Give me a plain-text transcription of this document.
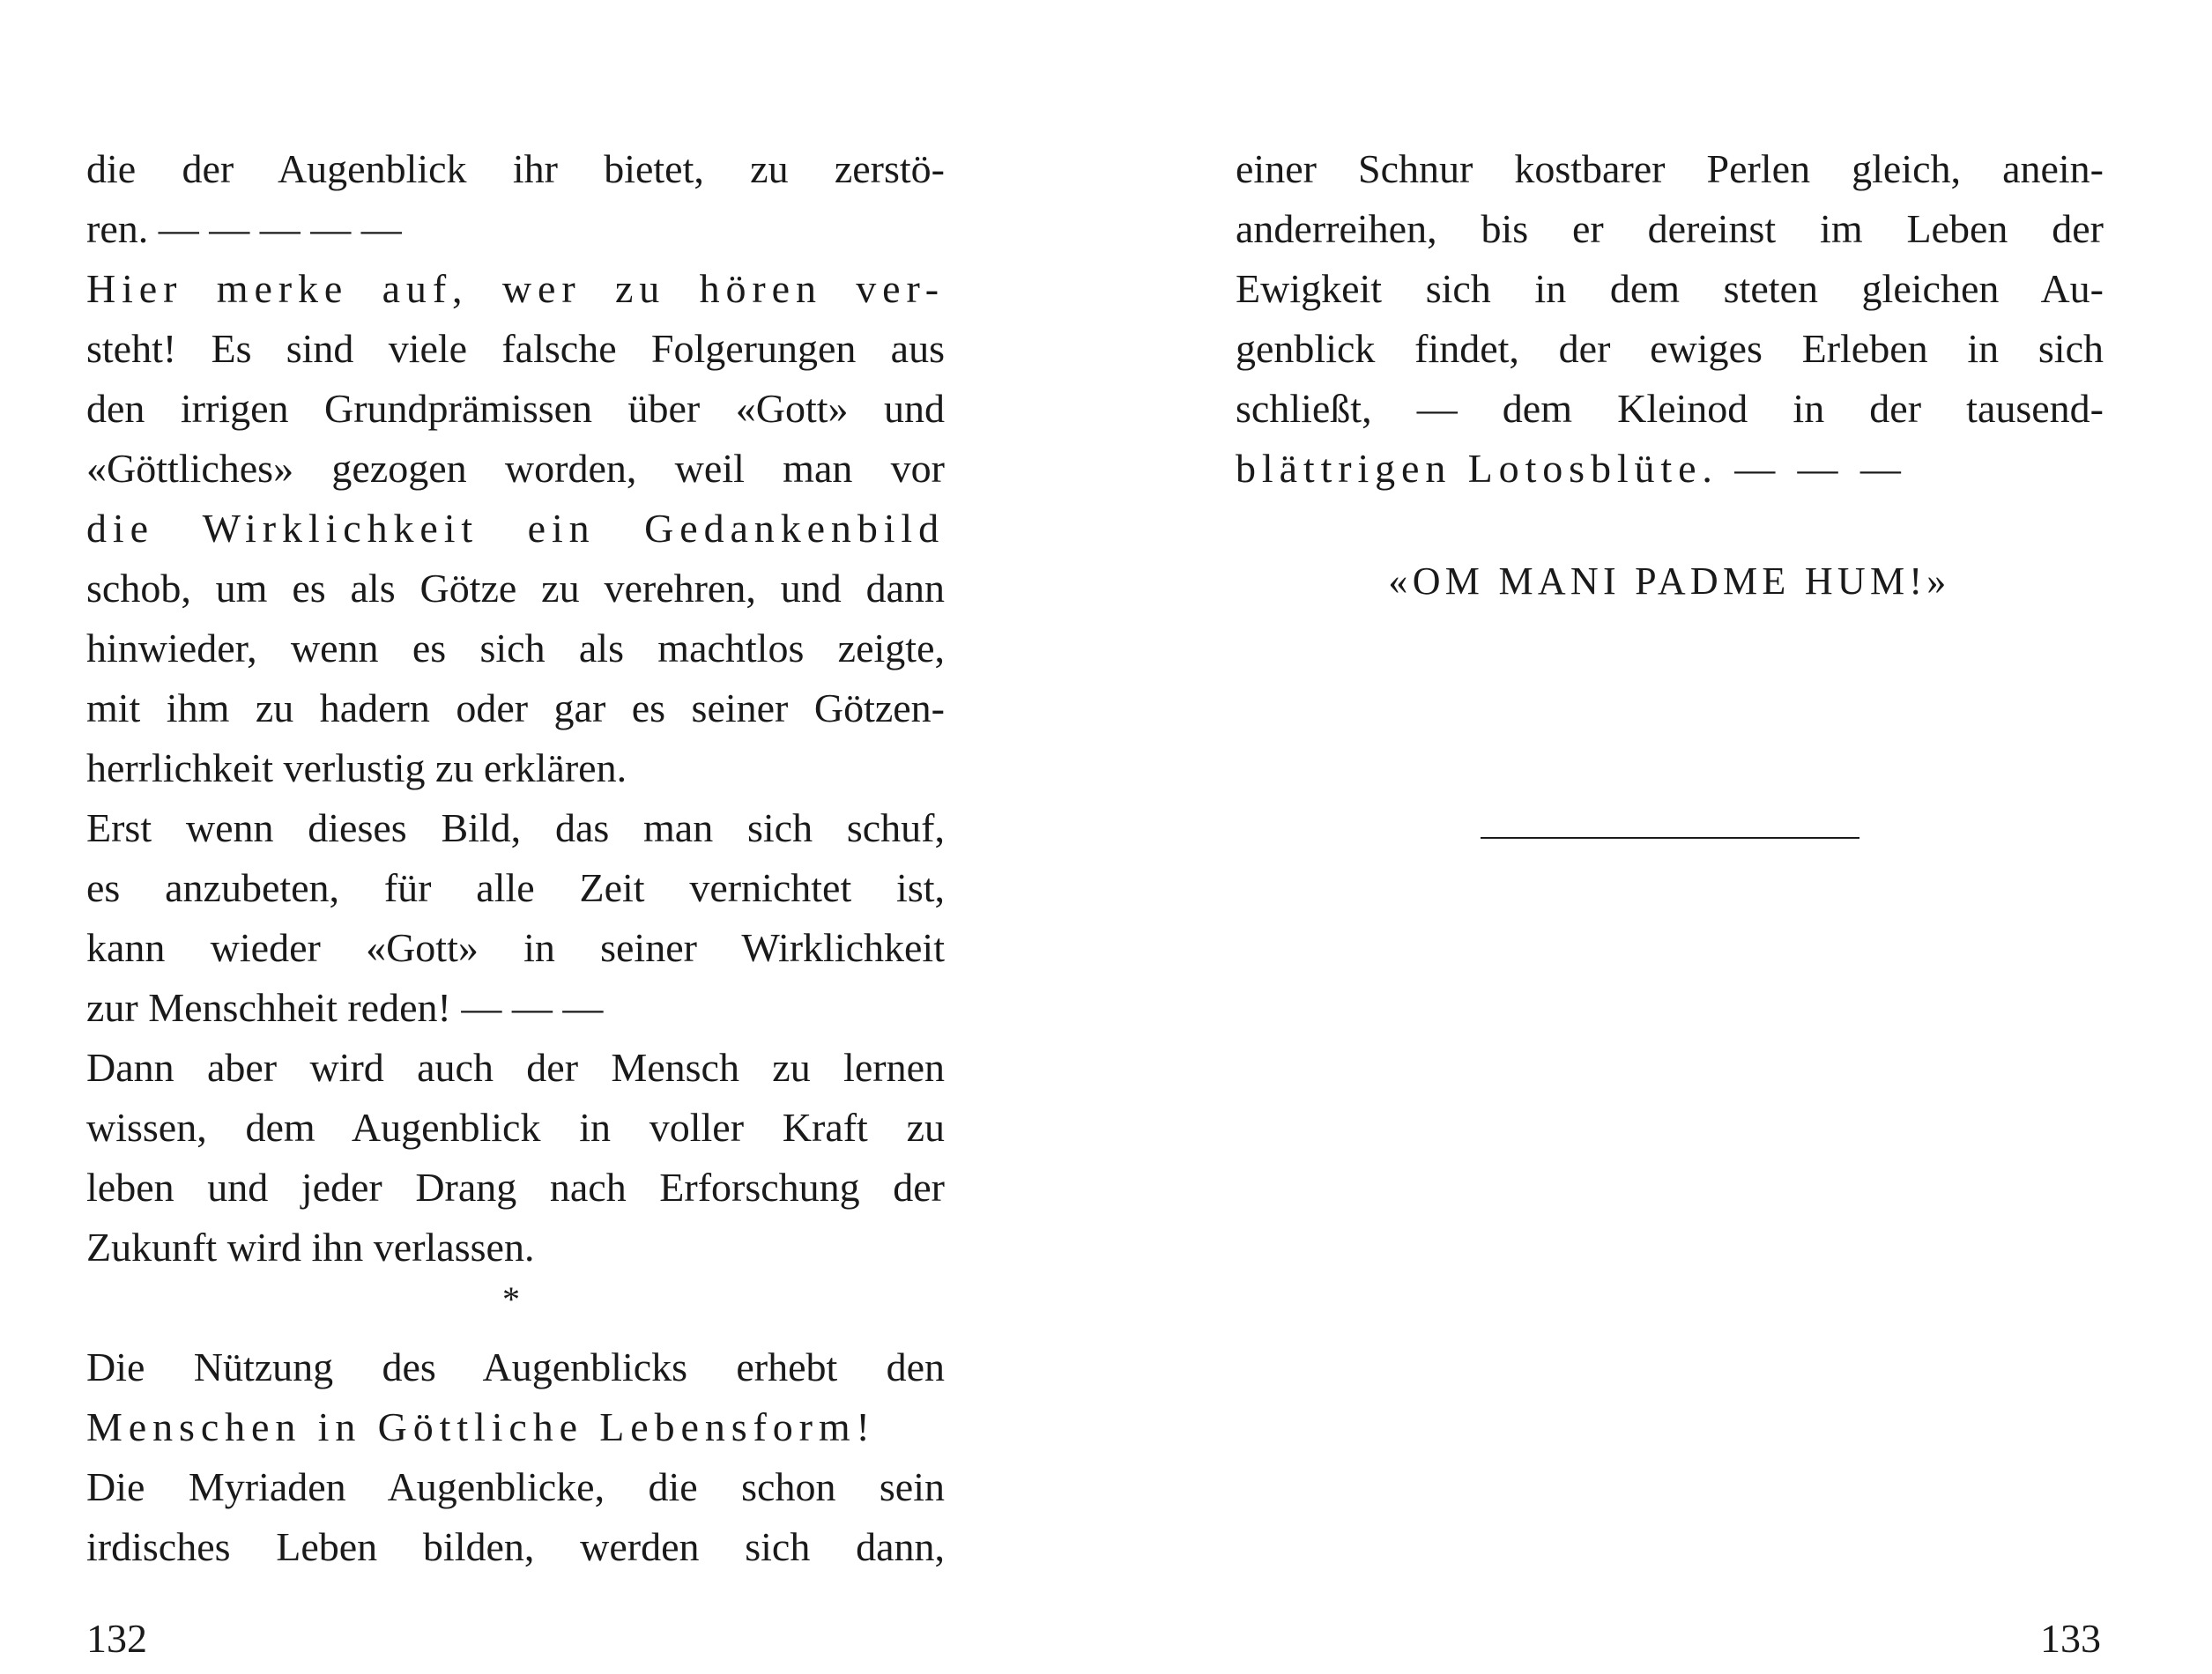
die der Augenblick ihr bietet, zu zerstö-
ren. — — — — —
Hier merke auf, wer zu hören ver-
steht! Es sind viele falsche Folgerungen aus
den irrigen Grundprämissen über «Gott» und
«Göttliches» gezogen worden, weil man vor
die Wirklichkeit ein Gedankenbild
schob, um es als Götze zu verehren, und dann
hinwieder, wenn es sich als machtlos zeigte,
mit ihm zu hadern oder gar es seiner Götzen-
herrlichkeit verlustig zu erklären.
Erst wenn dieses Bild, das man sich schuf,
es anzubeten, für alle Zeit vernichtet ist,
kann wieder «Gott» in seiner Wirklichkeit
zur Menschheit reden! — — —
Dann aber wird auch der Mensch zu lernen
wissen, dem Augenblick in voller Kraft zu
leben und jeder Drang nach Erforschung der
Zukunft wird ihn verlassen.
*
Die Nützung des Augenblicks erhebt den
Menschen in Göttliche Lebensform!
Die Myriaden Augenblicke, die schon sein
irdisches Leben bilden, werden sich dann,
132
einer Schnur kostbarer Perlen gleich, anein-
anderreihen, bis er dereinst im Leben der
Ewigkeit sich in dem steten gleichen Au-
genblick findet, der ewiges Erleben in sich
schließt, — dem Kleinod in der tausend-
blättrigen Lotosblüte. — — —
«OM MANI PADME HUM!»
133
